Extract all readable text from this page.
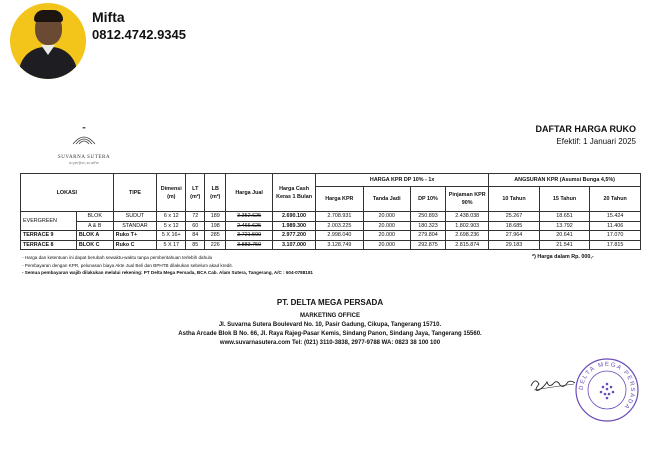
Mifta
0812.4742.9345
SUVARNA SUTERA
so perfect, so alive
DAFTAR HARGA RUKO
Efektif: 1 Januari 2025
LOKASI		TIPE	Dimensi (m)	LT (m²)	LB (m²)	Harga Jual	Harga Cash Keras 1 Bulan	HARGA KPR DP 10% - 1x				ANGSURAN KPR (Asumsi Bunga 4,5%)		
								Harga KPR	Tanda Jadi	DP 10%	Pinjaman KPR 90%	10 Tahun	15 Tahun	20 Tahun
EVERGREEN	BLOK	SUDUT	6 x 12	72	189	3.352.625	2.690.100	2.708.931	20.000	250.893	2.438.038	25.267	18.651	15.424
	A & B	STANDAR	5 x 12	60	198	2.466.625	1.989.300	2.003.225	20.000	180.323	1.802.903	18.685	13.792	11.406
TERRACE 9	BLOK A	Ruko T+	5 X 16+	84	285	3.721.500	2.977.200	2.998.040	20.000	279.804	2.698.236	27.964	20.641	17.070
TERRACE 8	BLOK C	Ruko C	5 X 17	85	226	3.883.750	3.107.000	3.128.749	20.000	292.875	2.815.874	29.183	21.541	17.815
- Harga dan ketentuan ini dapat berubah sewaktu-waktu tanpa pemberitahuan terlebih dahulu
- Pembayaran dengan KPR, pelunasan biaya Akte Jual Beli dan BPHTB dilakukan sebelum akad kredit.
- Semua pembayaran wajib dilakukan melalui rekening: PT Delta Mega Persada, BCA Cab. Alam Sutera, Tangerang, A/C : 604-0788181
*) Harga dalam Rp. 000,-
PT. DELTA MEGA PERSADA
MARKETING OFFICE
Jl. Suvarna Sutera Boulevard No. 10, Pasir Gadung, Cikupa, Tangerang 15710.
Astha Arcade Blok B No. 66, Jl. Raya Rajeg-Pasar Kemis, Sindang Panon, Sindang Jaya, Tangerang 15560.
www.suvarnasutera.com Tel: (021) 3110-3838, 2977-9788 WA: 0823 38 100 100
DELTA MEGA PERSADA
